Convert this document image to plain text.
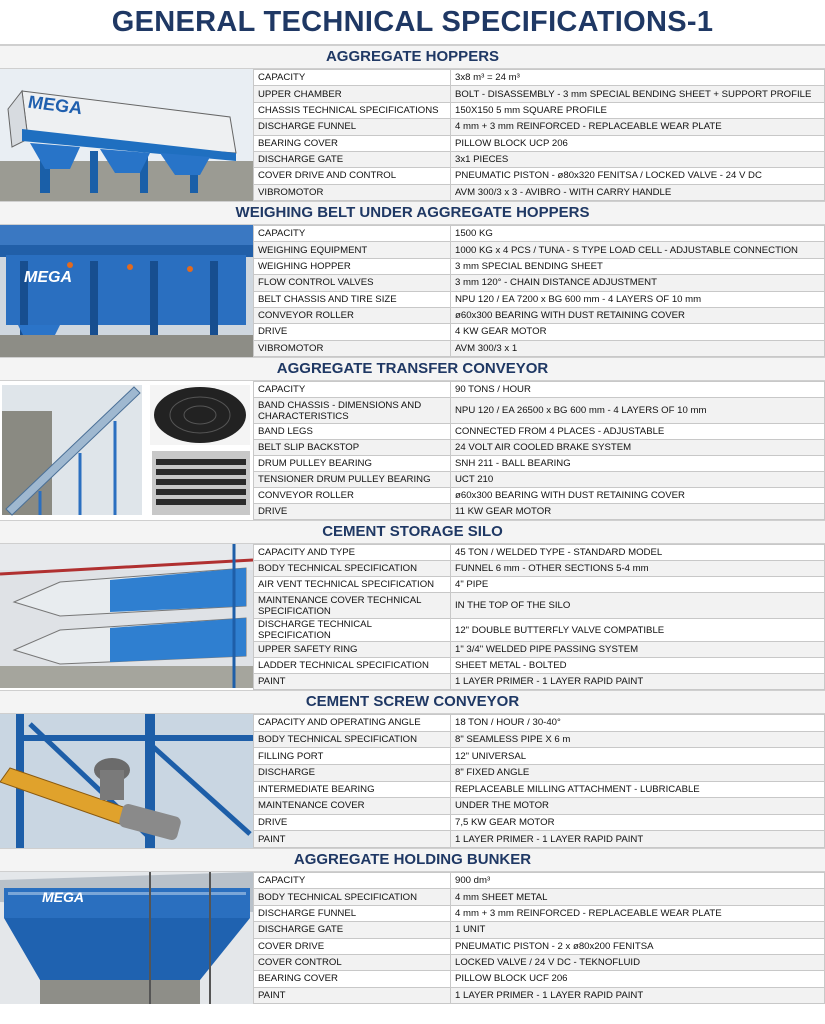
GENERAL TECHNICAL SPECIFICATIONS-1
AGGREGATE HOPPERS
MEGA
CAPACITY	3x8 m³ = 24 m³
UPPER CHAMBER	BOLT - DISASSEMBLY - 3 mm SPECIAL BENDING SHEET + SUPPORT PROFILE
CHASSIS TECHNICAL SPECIFICATIONS	150X150 5 mm SQUARE PROFILE
DISCHARGE FUNNEL	4 mm + 3 mm REINFORCED - REPLACEABLE WEAR PLATE
BEARING COVER	PILLOW BLOCK UCP 206
DISCHARGE GATE	3x1 PIECES
COVER DRIVE AND CONTROL	PNEUMATIC PISTON - ø80x320 FENITSA / LOCKED VALVE - 24 V DC
VIBROMOTOR	AVM 300/3 x 3 - AVIBRO - WITH CARRY HANDLE
WEIGHING BELT UNDER AGGREGATE HOPPERS
MEGA
CAPACITY	1500 KG
WEIGHING EQUIPMENT	1000 KG x 4 PCS / TUNA - S TYPE LOAD CELL - ADJUSTABLE CONNECTION
WEIGHING HOPPER	3 mm SPECIAL BENDING SHEET
FLOW CONTROL VALVES	3 mm 120° - CHAIN DISTANCE ADJUSTMENT
BELT CHASSIS AND TIRE SIZE	NPU 120 / EA 7200 x BG 600 mm - 4 LAYERS OF 10 mm
CONVEYOR ROLLER	ø60x300 BEARING WITH DUST RETAINING COVER
DRIVE	4 KW GEAR MOTOR
VIBROMOTOR	AVM 300/3 x 1
AGGREGATE TRANSFER CONVEYOR
CAPACITY	90 TONS / HOUR
BAND CHASSIS - DIMENSIONS AND CHARACTERISTICS	NPU 120 / EA 26500 x BG 600 mm - 4 LAYERS OF 10 mm
BAND LEGS	CONNECTED FROM 4 PLACES - ADJUSTABLE
BELT SLIP BACKSTOP	24 VOLT AIR COOLED BRAKE SYSTEM
DRUM PULLEY BEARING	SNH 211 - BALL BEARING
TENSIONER DRUM PULLEY BEARING	UCT 210
CONVEYOR ROLLER	ø60x300 BEARING WITH DUST RETAINING COVER
DRIVE	11 KW GEAR MOTOR
CEMENT STORAGE SILO
CAPACITY AND TYPE	45 TON / WELDED TYPE - STANDARD MODEL
BODY TECHNICAL SPECIFICATION	FUNNEL 6 mm - OTHER SECTIONS 5-4 mm
AIR VENT TECHNICAL SPECIFICATION	4" PIPE
MAINTENANCE COVER TECHNICAL SPECIFICATION	IN THE TOP OF THE SILO
DISCHARGE TECHNICAL SPECIFICATION	12" DOUBLE BUTTERFLY VALVE COMPATIBLE
UPPER SAFETY RING	1" 3/4" WELDED PIPE PASSING SYSTEM
LADDER TECHNICAL SPECIFICATION	SHEET METAL - BOLTED
PAINT	1 LAYER PRIMER - 1 LAYER RAPID PAINT
CEMENT SCREW CONVEYOR
CAPACITY AND OPERATING ANGLE	18 TON / HOUR / 30-40°
BODY TECHNICAL SPECIFICATION	8" SEAMLESS PIPE X 6 m
FILLING PORT	12" UNIVERSAL
DISCHARGE	8" FIXED ANGLE
INTERMEDIATE BEARING	REPLACEABLE MILLING ATTACHMENT - LUBRICABLE
MAINTENANCE COVER	UNDER THE MOTOR
DRIVE	7,5 KW GEAR MOTOR
PAINT	1 LAYER PRIMER - 1 LAYER RAPID PAINT
AGGREGATE HOLDING BUNKER
MEGA
CAPACITY	900 dm³
BODY TECHNICAL SPECIFICATION	4 mm SHEET METAL
DISCHARGE FUNNEL	4 mm + 3 mm REINFORCED - REPLACEABLE WEAR PLATE
DISCHARGE GATE	1 UNIT
COVER DRIVE	PNEUMATIC PISTON - 2 x ø80x200 FENITSA
COVER CONTROL	LOCKED VALVE / 24 V DC - TEKNOFLUID
BEARING COVER	PILLOW BLOCK UCF 206
PAINT	1 LAYER PRIMER - 1 LAYER RAPID PAINT
